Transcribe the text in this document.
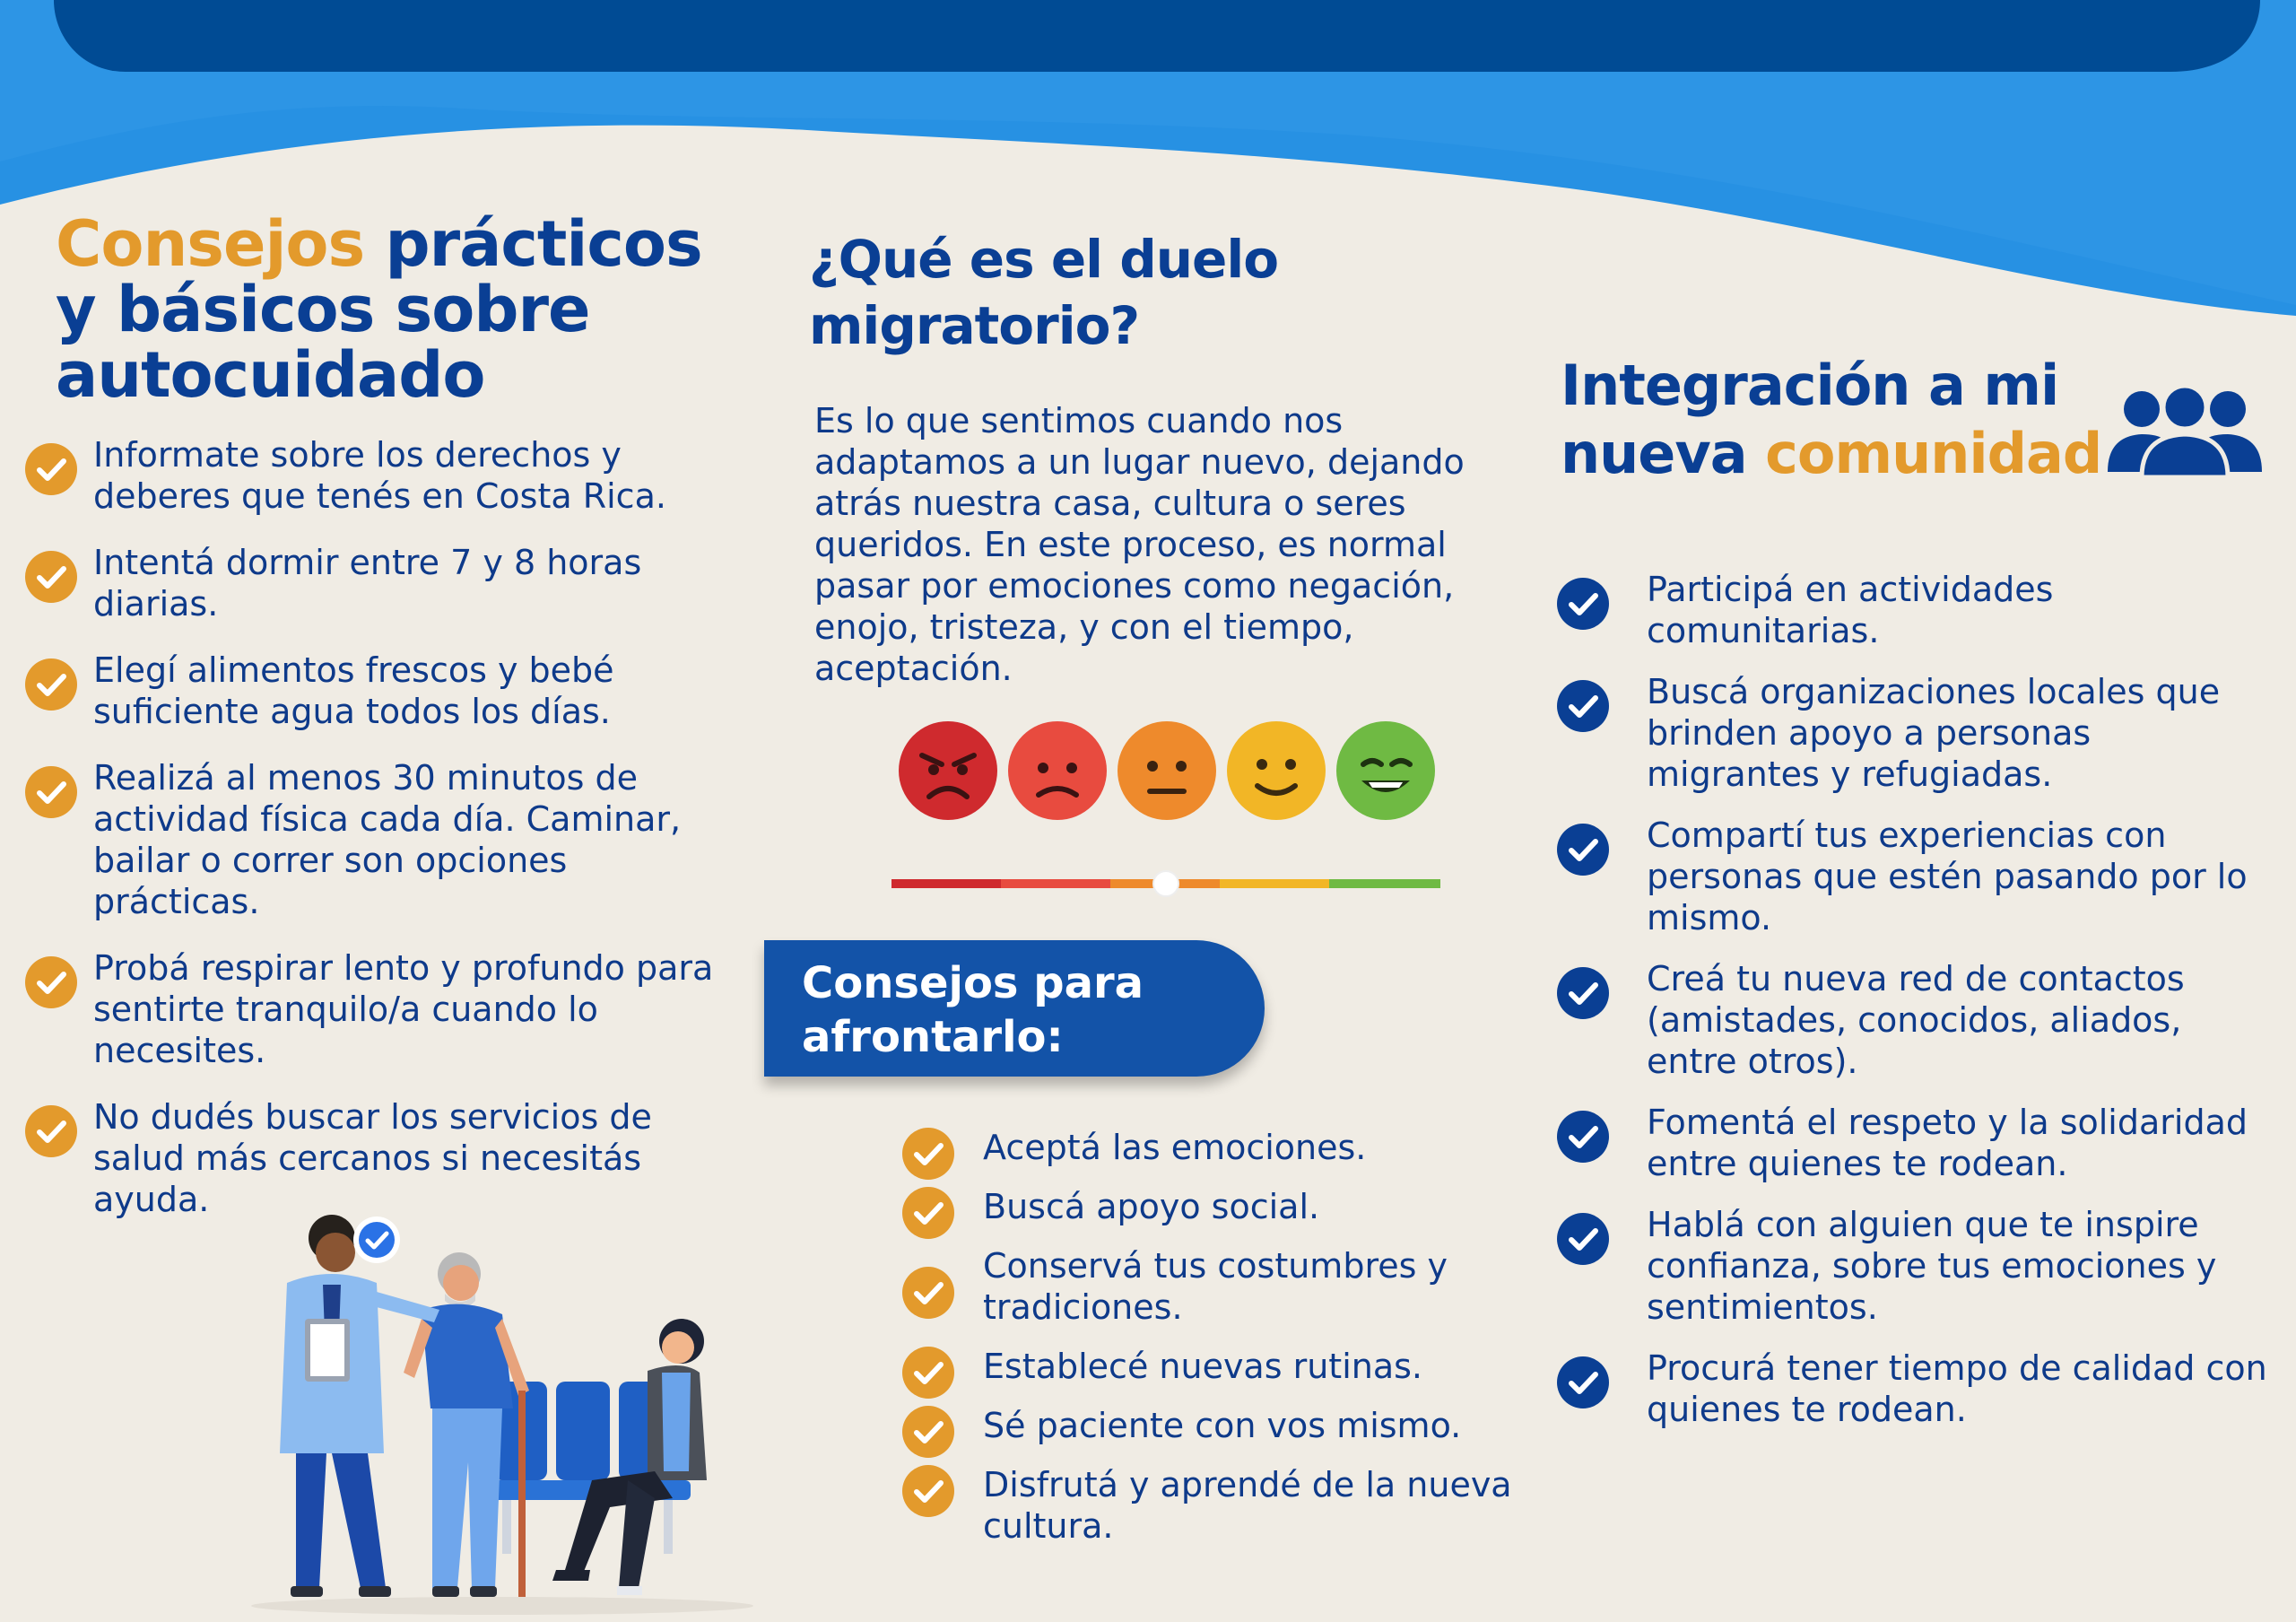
Consejos prácticos
y básicos sobre
autocuidado
Informate sobre los derechos y deberes que tenés en Costa Rica.
Intentá dormir entre 7 y 8 horas diarias.
Elegí alimentos frescos y bebé suficiente agua todos los días.
Realizá al menos 30 minutos de actividad física cada día. Caminar, bailar o correr son opciones prácticas.
Probá respirar lento y profundo para sentirte tranquilo/a cuando lo necesites.
No dudés buscar los servicios de salud más cercanos si necesitás ayuda.
¿Qué es el duelo
migratorio?

Es lo que sentimos cuando nos adaptamos a un lugar nuevo, dejando atrás nuestra casa, cultura o seres queridos. En este proceso, es normal pasar por emociones como negación, enojo, tristeza, y con el tiempo, aceptación.

Consejos para
afrontarlo:
Aceptá las emociones.
Buscá apoyo social.
Conservá tus costumbres y tradiciones.
Establecé nuevas rutinas.
Sé paciente con vos mismo.
Disfrutá y aprendé de la nueva cultura.
Integración a mi
nueva comunidad
Participá en actividades comunitarias.
Buscá organizaciones locales que brinden apoyo a personas migrantes y refugiadas.
Compartí tus experiencias con personas que estén pasando por lo mismo.
Creá tu nueva red de contactos (amistades, conocidos, aliados, entre otros).
Fomentá el respeto y la solidaridad entre quienes te rodean.
Hablá con alguien que te inspire confianza, sobre tus emociones y sentimientos.
Procurá tener tiempo de calidad con quienes te rodean.
